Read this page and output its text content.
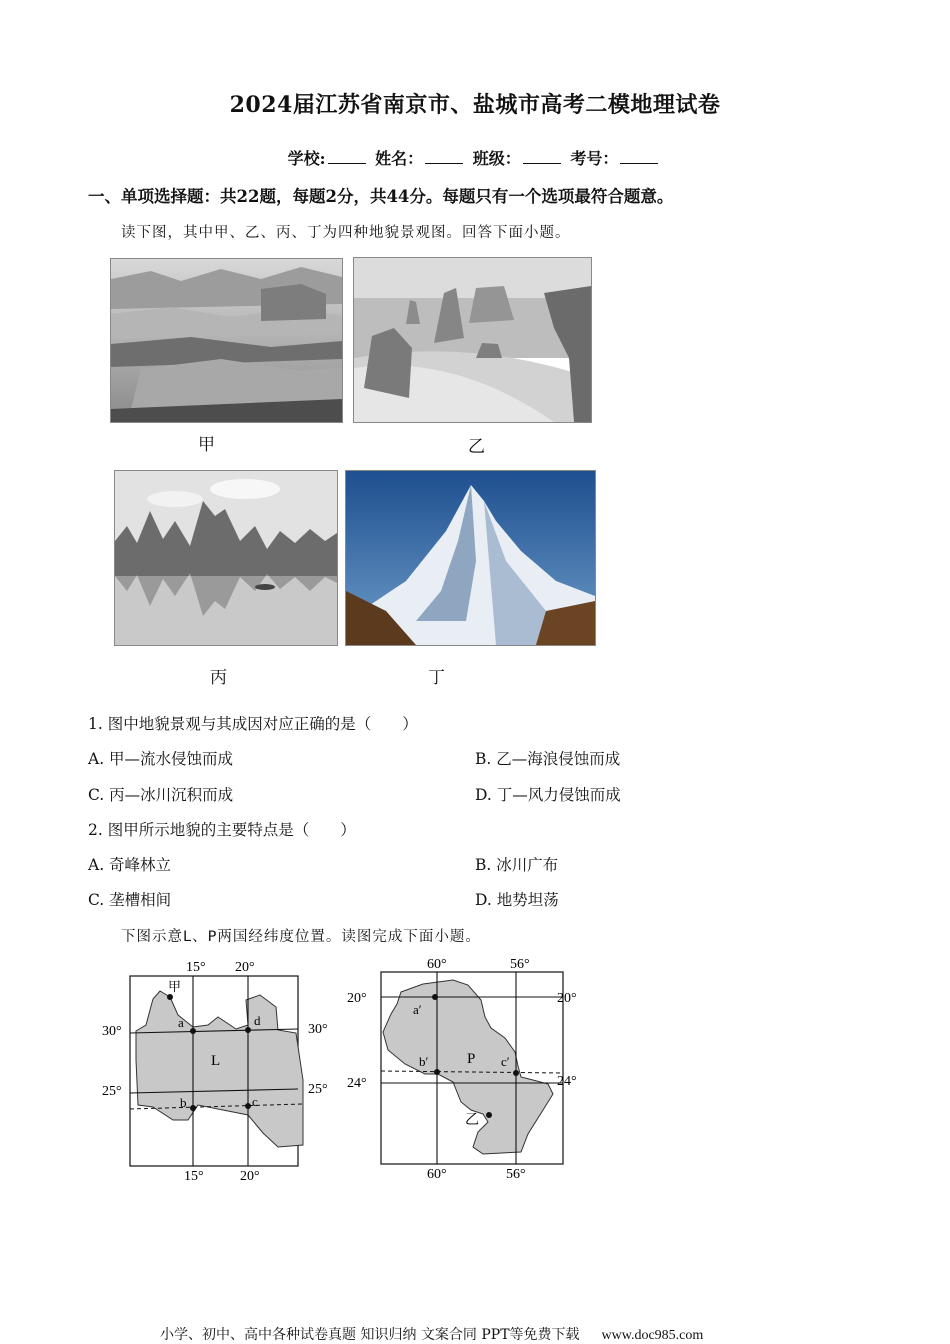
2024届江苏省南京市、盐城市高考二模地理试卷
学校:	姓名：	班级：	考号：
一、单项选择题：共22题，每题2分，共44分。每题只有一个选项最符合题意。
读下图，其中甲、乙、丙、丁为四种地貌景观图。回答下面小题。
甲	乙
丙	丁
1. 图中地貌景观与其成因对应正确的是（　　）
A. 甲—流水侵蚀而成	B. 乙—海浪侵蚀而成
C. 丙—冰川沉积而成	D. 丁—风力侵蚀而成
2. 图甲所示地貌的主要特点是（　　）
A. 奇峰林立	B. 冰川广布
C. 垄槽相间	D. 地势坦荡
下图示意L、P两国经纬度位置。读图完成下面小题。
15° 20°
15°	20°
30°	30°
25°	25°
L
甲
a	d
b	c
60°	56°
60°	56°
20°	20°
24°	24°
P
a′
b′	c′
乙
小学、初中、高中各种试卷真题 知识归纳 文案合同 PPT等免费下载 www.doc985.com
